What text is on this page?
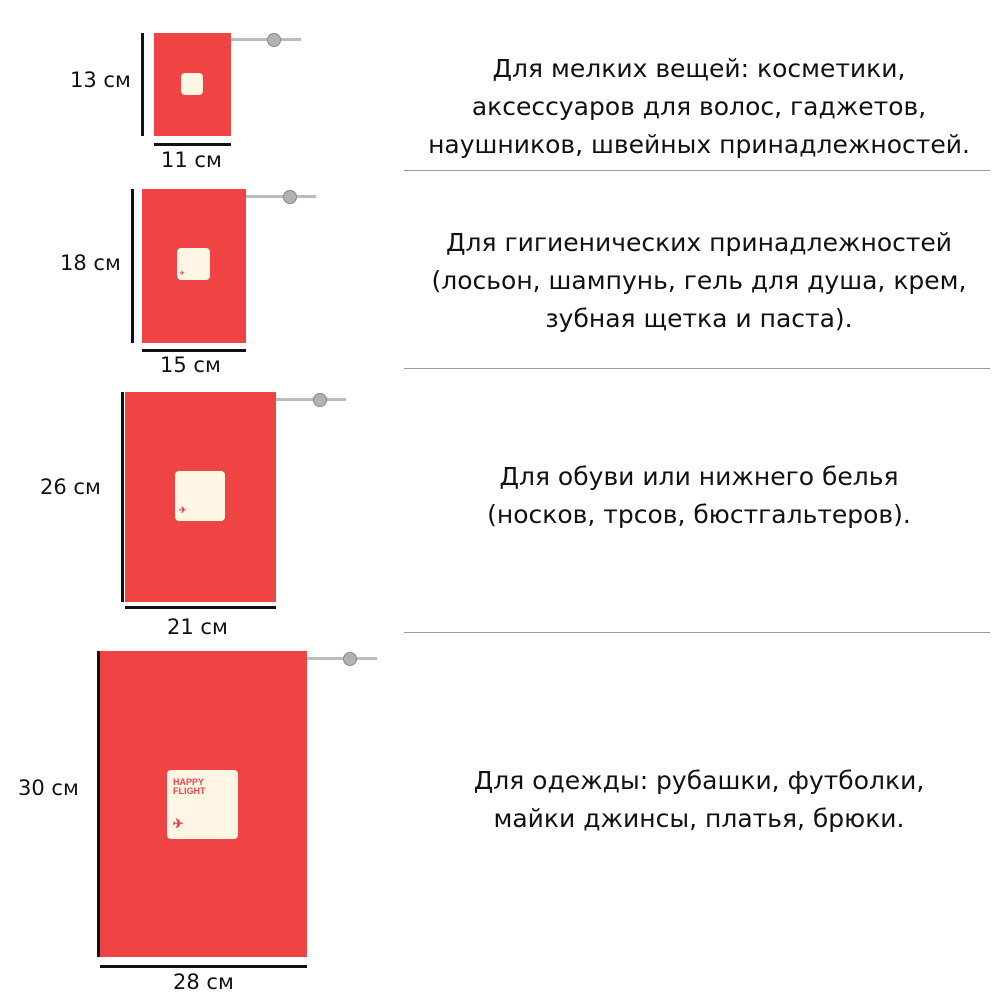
13 см
11 см
Для мелких вещей: косметики, аксессуаров для волос, гаджетов, наушников, швейных принадлежностей.
18 см	✈
15 см
Для гигиенических принадлежностей (лосьон, шампунь, гель для душа, крем, зубная щетка и паста).
26 см
✈
21 см
Для обуви или нижнего белья (носков, трсов, бюстгальтеров).
30 см	HAPPY
FLIGHT
✈
28 см
Для одежды: рубашки, футболки, майки джинсы, платья, брюки.
